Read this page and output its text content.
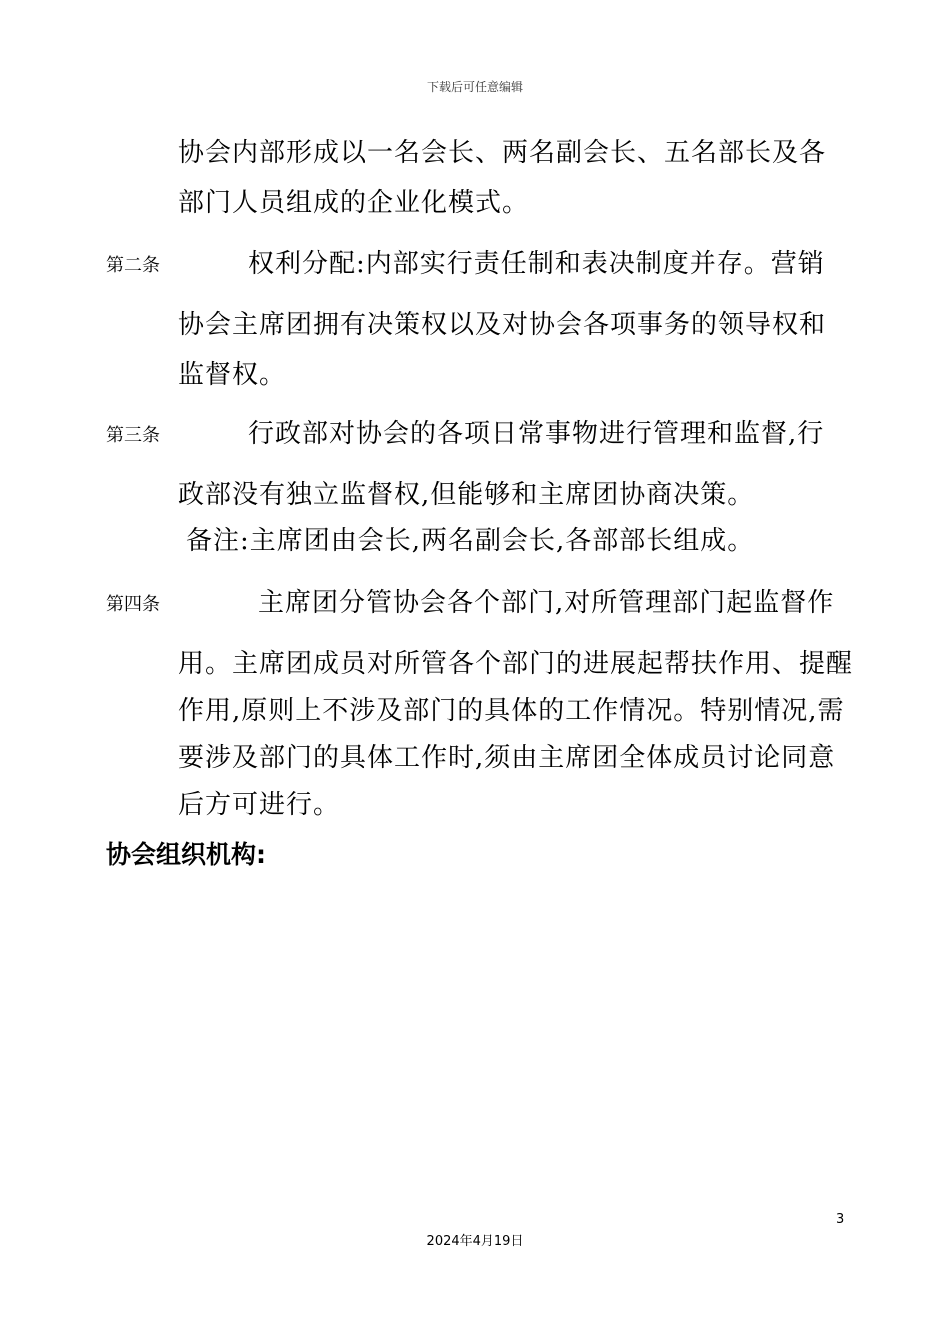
下载后可任意编辑
协会内部形成以一名会长、两名副会长、五名部长及各
部门人员组成的企业化模式。
第二条	权利分配:内部实行责任制和表决制度并存。营销
协会主席团拥有决策权以及对协会各项事务的领导权和
监督权。
第三条	行政部对协会的各项日常事物进行管理和监督,行
政部没有独立监督权,但能够和主席团协商决策。
备注:主席团由会长,两名副会长,各部部长组成。
第四条	主席团分管协会各个部门,对所管理部门起监督作
用。主席团成员对所管各个部门的进展起帮扶作用、提醒
作用,原则上不涉及部门的具体的工作情况。特别情况,需
要涉及部门的具体工作时,须由主席团全体成员讨论同意
后方可进行。
协会组织机构:
3
2024年4月19日
